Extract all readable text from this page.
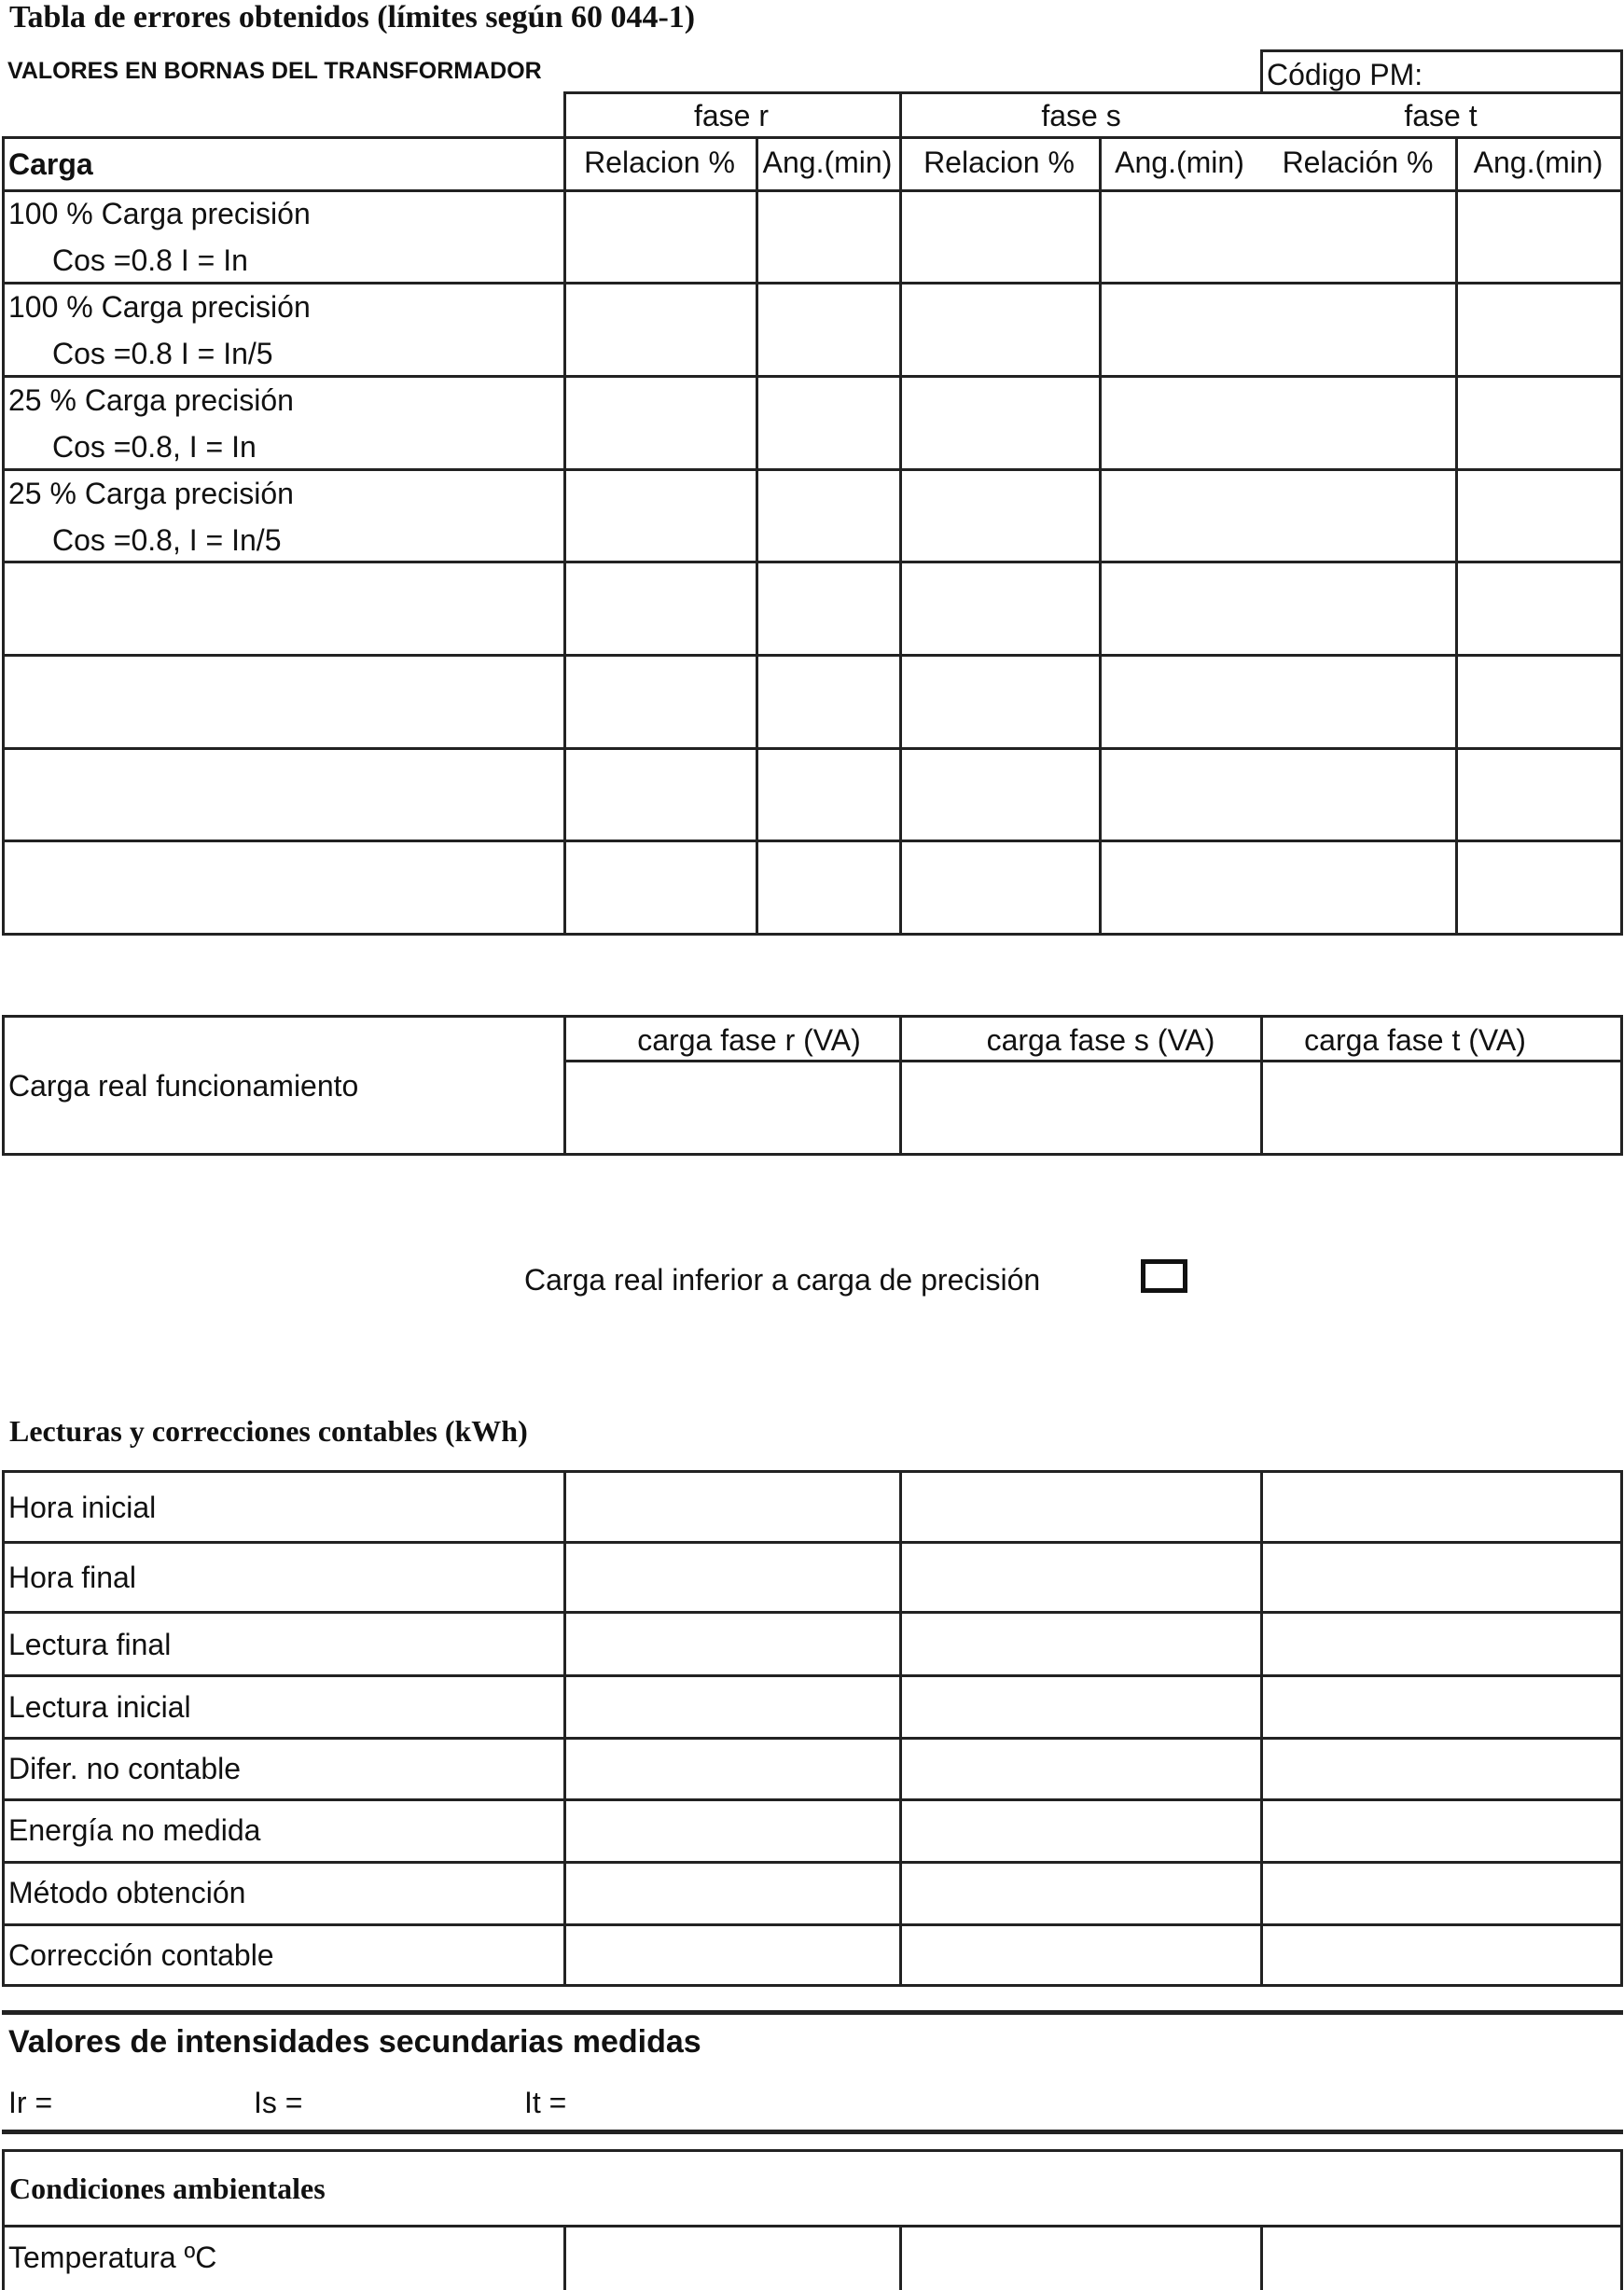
Tabla de errores obtenidos (límites según 60 044-1)
VALORES EN BORNAS DEL TRANSFORMADOR	Código PM:
fase r	fase s	fase t
Carga	Relacion % Ang.(min)	Relacion %	Ang.(min)	Relación %	Ang.(min)
100 % Carga precisión
Cos =0.8 I = In
100 % Carga precisión
Cos =0.8 I = In/5
25 % Carga precisión
Cos =0.8, I = In
25 % Carga precisión
Cos =0.8, I = In/5
Carga real funcionamiento
carga fase r (VA)	carga fase s (VA)	carga fase t (VA)
Carga real inferior a carga de precisión
Lecturas y correcciones contables (kWh)
Hora inicial
Hora final
Lectura final
Lectura inicial
Difer. no contable
Energía no medida
Método obtención
Corrección contable
Valores de intensidades secundarias medidas
Ir =	Is =	It =
Condiciones ambientales
Temperatura ºC
